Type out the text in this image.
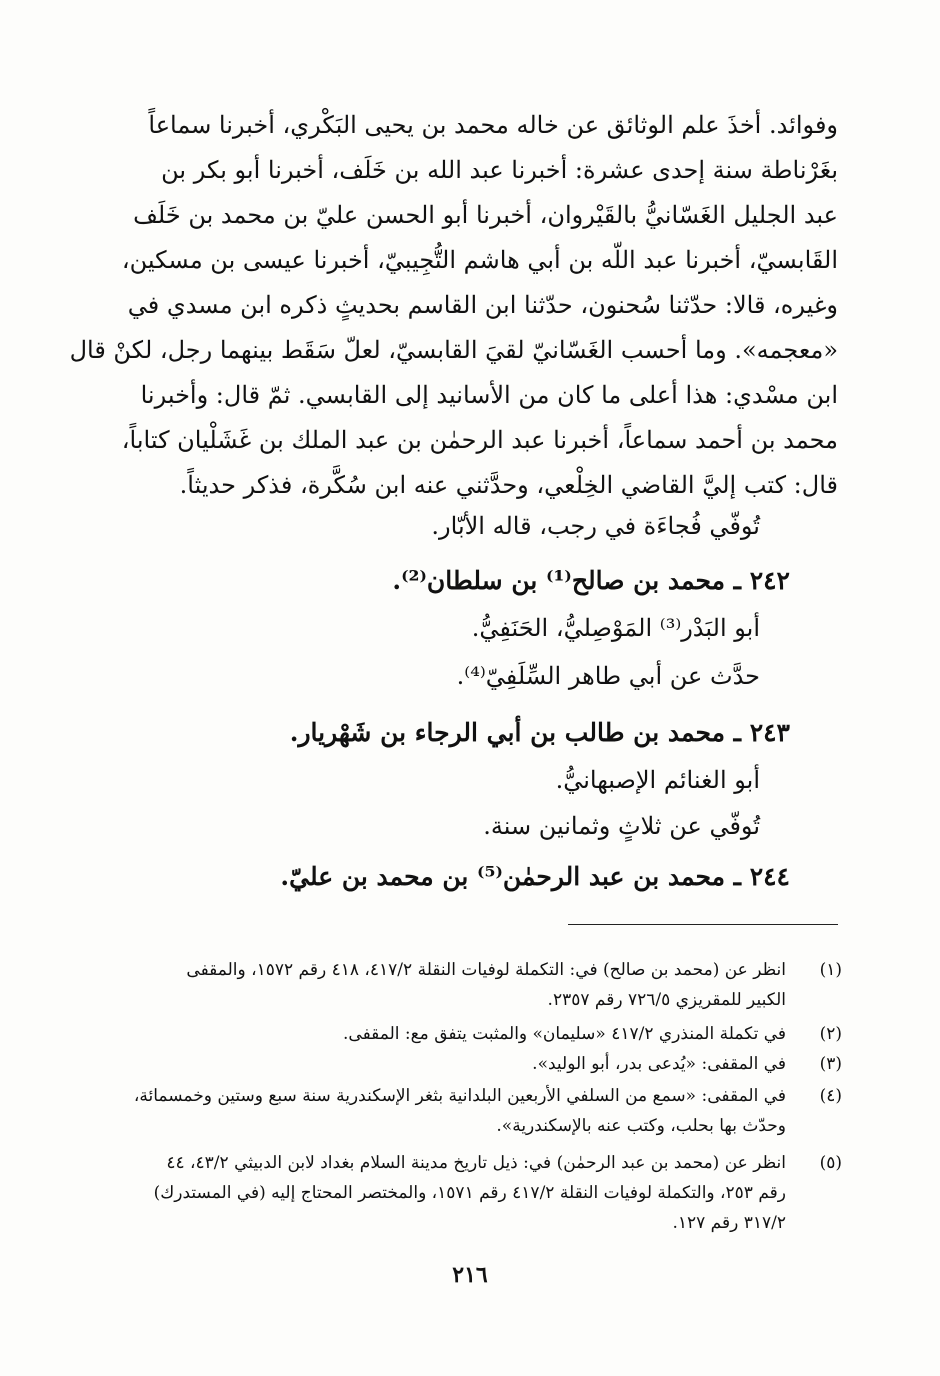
وفوائد. أخذَ علم الوثائق عن خاله محمد بن يحيى البَكْري، أخبرنا سماعاً
بغَرْناطة سنة إحدى عشرة: أخبرنا عبد الله بن خَلَف، أخبرنا أبو بكر بن
عبد الجليل الغَسّانيُّ بالقَيْروان، أخبرنا أبو الحسن عليّ بن محمد بن خَلَف
القَابسيّ، أخبرنا عبد اللّه بن أبي هاشم التُّجِيبيّ، أخبرنا عيسى بن مسكين،
وغيره، قالا: حدّثنا سُحنون، حدّثنا ابن القاسم بحديثٍ ذكره ابن مسدي في
«معجمه». وما أحسب الغَسّانيّ لقيَ القابسيّ، لعلّ سَقَط بينهما رجل، لكنْ قال
ابن مسْدي: هذا أعلى ما كان من الأسانيد إلى القابسي. ثمّ قال: وأخبرنا
محمد بن أحمد سماعاً، أخبرنا عبد الرحمٰن بن عبد الملك بن غَشَلْيان كتاباً،
قال: كتب إليَّ القاضي الخِلْعي، وحدَّثني عنه ابن سُكَّرة، فذكر حديثاً.
تُوفّي فُجاءَة في رجب، قاله الأبّار.
٢٤٢ ـ محمد بن صالح⁽¹⁾ بن سلطان⁽²⁾.
أبو البَدْر⁽³⁾ المَوْصِليُّ، الحَنَفِيُّ.
حدَّث عن أبي طاهر السِّلَفِيّ⁽⁴⁾.
٢٤٣ ـ محمد بن طالب بن أبي الرجاء بن شَهْريار.
أبو الغنائم الإصبهانيُّ.
تُوفّي عن ثلاثٍ وثمانين سنة.
٢٤٤ ـ محمد بن عبد الرحمٰن⁽⁵⁾ بن محمد بن عليّ.
(١)
انظر عن (محمد بن صالح) في: التكملة لوفيات النقلة ٤١٧/٢، ٤١٨ رقم ١٥٧٢، والمقفى
الكبير للمقريزي ٧٢٦/٥ رقم ٢٣٥٧.
(٢)
في تكملة المنذري ٤١٧/٢ «سليمان» والمثبت يتفق مع: المقفى.
(٣)
في المقفى: «يُدعى بدر، أبو الوليد».
(٤)
في المقفى: «سمع من السلفي الأربعين البلدانية بثغر الإسكندرية سنة سبع وستين وخمسمائة،
وحدّث بها بحلب، وكتب عنه بالإسكندرية».
(٥)
انظر عن (محمد بن عبد الرحمٰن) في: ذيل تاريخ مدينة السلام بغداد لابن الدبيثي ٤٣/٢، ٤٤
رقم ٢٥٣، والتكملة لوفيات النقلة ٤١٧/٢ رقم ١٥٧١، والمختصر المحتاج إليه (في المستدرك)
٣١٧/٢ رقم ١٢٧.
٢١٦
